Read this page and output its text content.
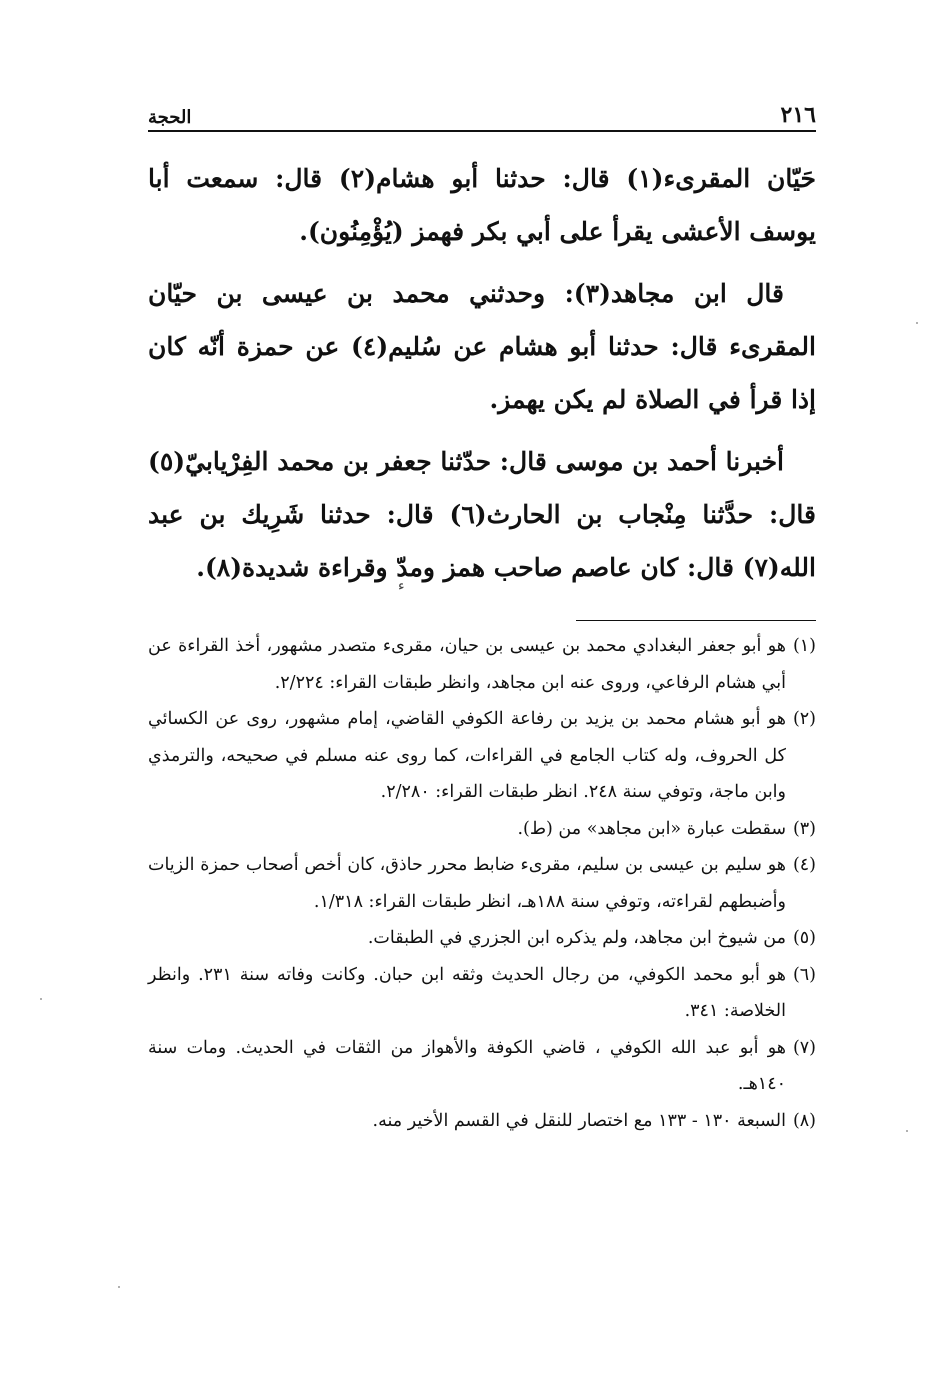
٢١٦
الحجة

حَيّان المقرىء(١) قال: حدثنا أبو هشام(٢) قال: سمعت أبا يوسف الأعشى يقرأ على أبي بكر فهمز (يُؤْمِنُون).

قال ابن مجاهد(٣): وحدثني محمد بن عيسى بن حيّان المقرىء قال: حدثنا أبو هشام عن سُليم(٤) عن حمزة أنّه كان إذا قرأ في الصلاة لم يكن يهمز.

أخبرنا أحمد بن موسى قال: حدّثنا جعفر بن محمد الفِرْيابيّ(٥) قال: حدَّثنا مِنْجاب بن الحارث(٦) قال: حدثنا شَرِيك بن عبد الله(٧) قال: كان عاصم صاحب همز ومدّ وقراءة شديدة(٨).

ء
(١)
هو أبو جعفر البغدادي محمد بن عيسى بن حيان، مقرىء متصدر مشهور، أخذ القراءة عن أبي هشام الرفاعي، وروى عنه ابن مجاهد، وانظر طبقات القراء: ٢/٢٢٤.
(٢)
هو أبو هشام محمد بن يزيد بن رفاعة الكوفي القاضي، إمام مشهور، روى عن الكسائي كل الحروف، وله كتاب الجامع في القراءات، كما روى عنه مسلم في صحيحه، والترمذي وابن ماجة، وتوفي سنة ٢٤٨. انظر طبقات القراء: ٢/٢٨٠.
(٣)
سقطت عبارة «ابن مجاهد» من (ط).
(٤)
هو سليم بن عيسى بن سليم، مقرىء ضابط محرر حاذق، كان أخص أصحاب حمزة الزيات وأضبطهم لقراءته، وتوفي سنة ١٨٨هـ، انظر طبقات القراء: ١/٣١٨.
(٥)
من شيوخ ابن مجاهد، ولم يذكره ابن الجزري في الطبقات.
(٦)
هو أبو محمد الكوفي، من رجال الحديث وثقه ابن حبان. وكانت وفاته سنة ٢٣١. وانظر الخلاصة: ٣٤١.
(٧)
هو أبو عبد الله الكوفي ، قاضي الكوفة والأهواز من الثقات في الحديث. ومات سنة ١٤٠هـ.
(٨)
السبعة ١٣٠ - ١٣٣ مع اختصار للنقل في القسم الأخير منه.
